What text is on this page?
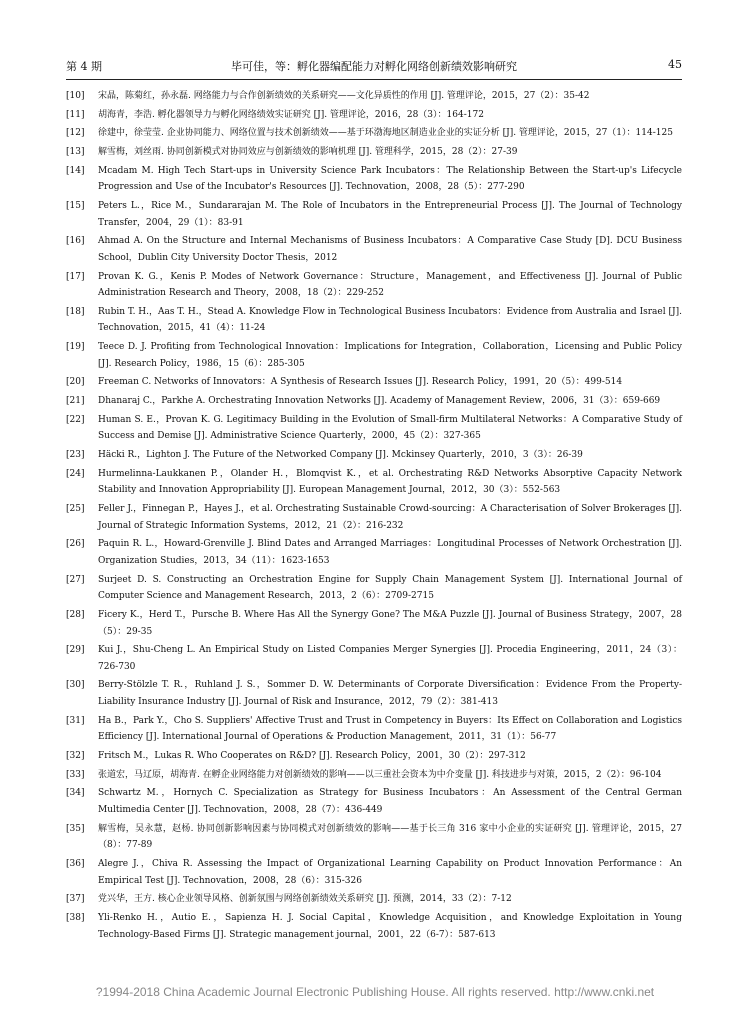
第 4 期	毕可佳，等：孵化器编配能力对孵化网络创新绩效影响研究	45
[10] 宋晶，陈菊红，孙永磊. 网络能力与合作创新绩效的关系研究——文化异质性的作用 [J]. 管理评论，2015，27（2）：35-42
[11] 胡海青，李浩. 孵化器领导力与孵化网络绩效实证研究 [J]. 管理评论，2016，28（3）：164-172
[12] 徐建中，徐莹莹. 企业协同能力、网络位置与技术创新绩效——基于环渤海地区制造业企业的实证分析 [J]. 管理评论，2015，27（1）：114-125
[13] 解雪梅，刘丝雨. 协同创新模式对协同效应与创新绩效的影响机理 [J]. 管理科学，2015，28（2）：27-39
[14] Mcadam M. High Tech Start-ups in University Science Park Incubators：The Relationship Between the Start-up's Lifecycle Progression and Use of the Incubator's Resources [J]. Technovation，2008，28（5）：277-290
[15] Peters L.，Rice M.，Sundararajan M. The Role of Incubators in the Entrepreneurial Process [J]. The Journal of Technology Transfer，2004，29（1）：83-91
[16] Ahmad A. On the Structure and Internal Mechanisms of Business Incubators：A Comparative Case Study [D]. DCU Business School，Dublin City University Doctor Thesis，2012
[17] Provan K. G.，Kenis P. Modes of Network Governance：Structure，Management，and Effectiveness [J]. Journal of Public Administration Research and Theory，2008，18（2）：229-252
[18] Rubin T. H.，Aas T. H.，Stead A. Knowledge Flow in Technological Business Incubators：Evidence from Australia and Israel [J]. Technovation，2015，41（4）：11-24
[19] Teece D. J. Profiting from Technological Innovation：Implications for Integration，Collaboration，Licensing and Public Policy [J]. Research Policy，1986，15（6）：285-305
[20] Freeman C. Networks of Innovators：A Synthesis of Research Issues [J]. Research Policy，1991，20（5）：499-514
[21] Dhanaraj C.，Parkhe A. Orchestrating Innovation Networks [J]. Academy of Management Review，2006，31（3）：659-669
[22] Human S. E.，Provan K. G. Legitimacy Building in the Evolution of Small-firm Multilateral Networks：A Comparative Study of Success and Demise [J]. Administrative Science Quarterly，2000，45（2）：327-365
[23] Häcki R.，Lighton J. The Future of the Networked Company [J]. Mckinsey Quarterly，2010，3（3）：26-39
[24] Hurmelinna-Laukkanen P.，Olander H.，Blomqvist K.，et al. Orchestrating R&D Networks Absorptive Capacity Network Stability and Innovation Appropriability [J]. European Management Journal，2012，30（3）：552-563
[25] Feller J.，Finnegan P.，Hayes J.，et al. Orchestrating Sustainable Crowd-sourcing：A Characterisation of Solver Brokerages [J]. Journal of Strategic Information Systems，2012，21（2）：216-232
[26] Paquin R. L.，Howard-Grenville J. Blind Dates and Arranged Marriages：Longitudinal Processes of Network Orchestration [J]. Organization Studies，2013，34（11）：1623-1653
[27] Surjeet D. S. Constructing an Orchestration Engine for Supply Chain Management System [J]. International Journal of Computer Science and Management Research，2013，2（6）：2709-2715
[28] Ficery K.，Herd T.，Pursche B. Where Has All the Synergy Gone? The M&A Puzzle [J]. Journal of Business Strategy，2007，28（5）：29-35
[29] Kui J.，Shu-Cheng L. An Empirical Study on Listed Companies Merger Synergies [J]. Procedia Engineering，2011，24（3）：726-730
[30] Berry-Stölzle T. R.，Ruhland J. S.，Sommer D. W. Determinants of Corporate Diversification：Evidence From the Property-Liability Insurance Industry [J]. Journal of Risk and Insurance，2012，79（2）：381-413
[31] Ha B.，Park Y.，Cho S. Suppliers' Affective Trust and Trust in Competency in Buyers：Its Effect on Collaboration and Logistics Efficiency [J]. International Journal of Operations & Production Management，2011，31（1）：56-77
[32] Fritsch M.，Lukas R. Who Cooperates on R&D? [J]. Research Policy，2001，30（2）：297-312
[33] 张道宏，马辽原，胡海青. 在孵企业网络能力对创新绩效的影响——以三重社会资本为中介变量 [J]. 科技进步与对策，2015，2（2）：96-104
[34] Schwartz M.，Hornych C. Specialization as Strategy for Business Incubators：An Assessment of the Central German Multimedia Center [J]. Technovation，2008，28（7）：436-449
[35] 解雪梅，吴永慧，赵杨. 协同创新影响因素与协同模式对创新绩效的影响——基于长三角 316 家中小企业的实证研究 [J]. 管理评论，2015，27（8）：77-89
[36] Alegre J.，Chiva R. Assessing the Impact of Organizational Learning Capability on Product Innovation Performance：An Empirical Test [J]. Technovation，2008，28（6）：315-326
[37] 党兴华，王方. 核心企业领导风格、创新氛围与网络创新绩效关系研究 [J]. 预测，2014，33（2）：7-12
[38] Yli-Renko H.，Autio E.，Sapienza H. J. Social Capital，Knowledge Acquisition，and Knowledge Exploitation in Young Technology-Based Firms [J]. Strategic management journal，2001，22（6-7）：587-613
?1994-2018 China Academic Journal Electronic Publishing House. All rights reserved. http://www.cnki.net
